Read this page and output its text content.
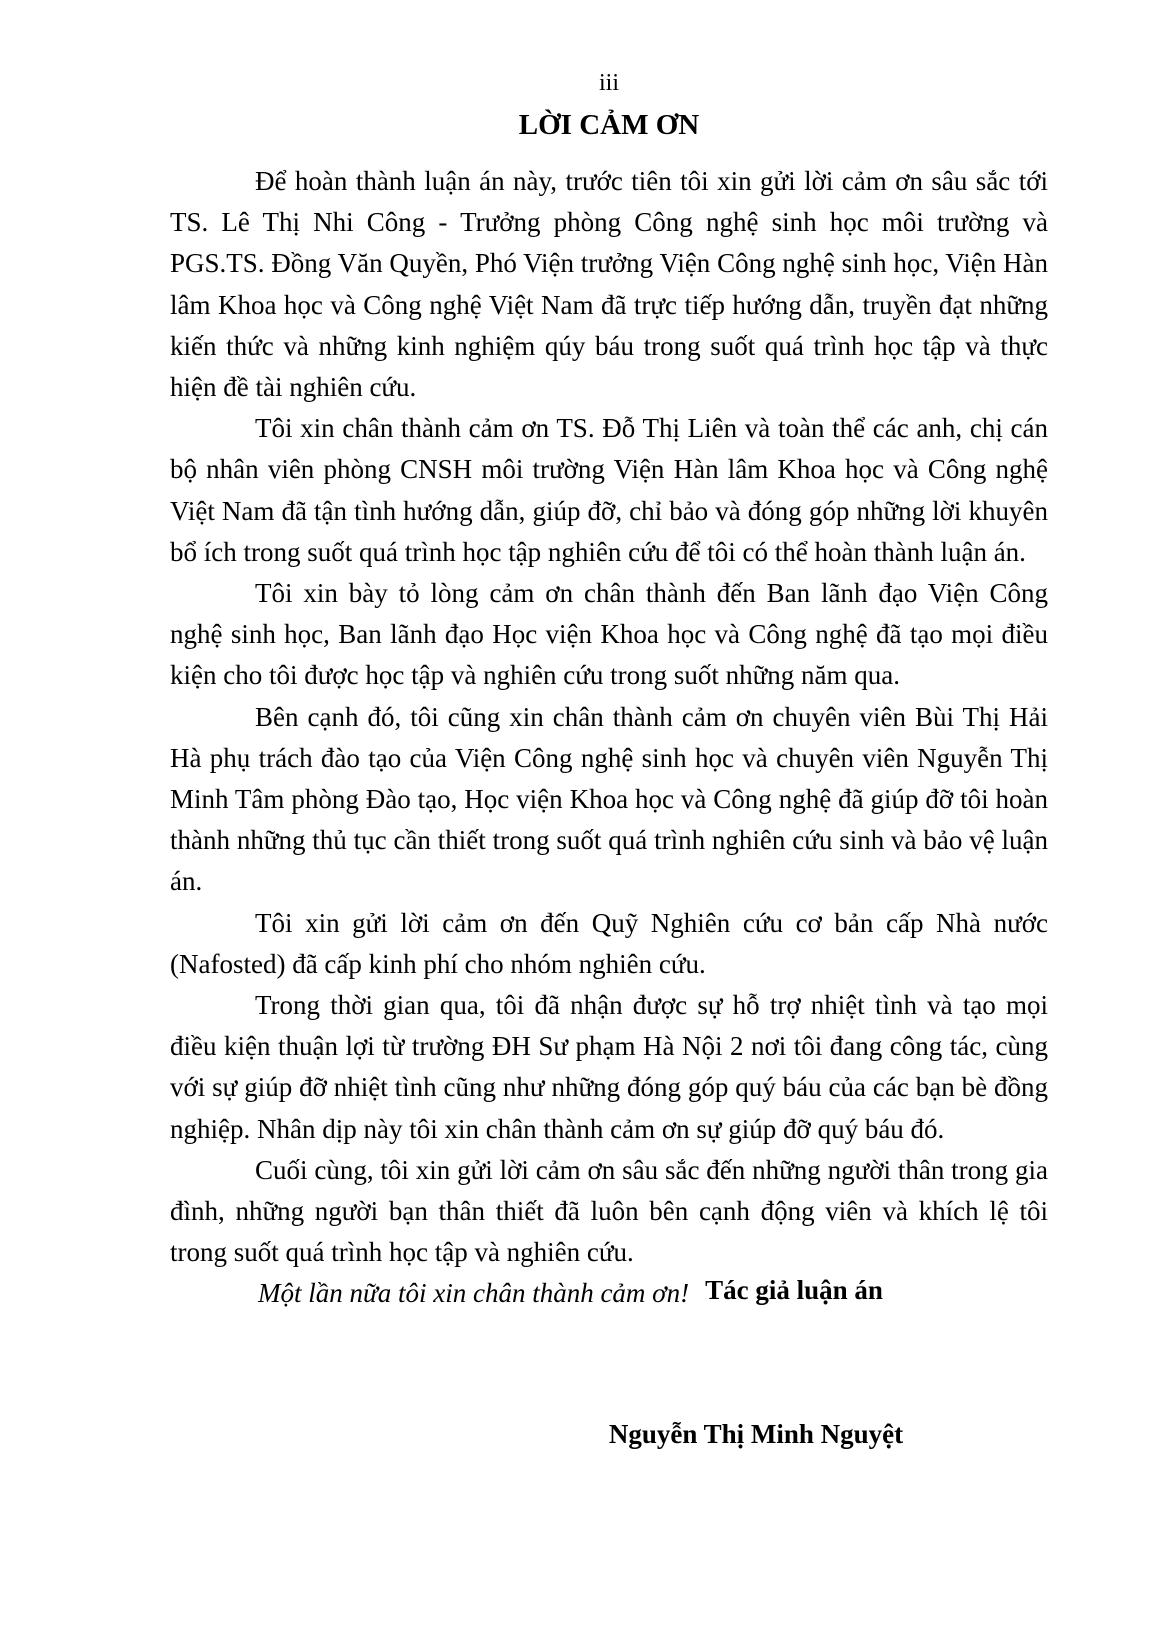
iii
LỜI CẢM ƠN

Để hoàn thành luận án này, trước tiên tôi xin gửi lời cảm ơn sâu sắc tới TS. Lê Thị Nhi Công - Trưởng phòng Công nghệ sinh học môi trường và PGS.TS. Đồng Văn Quyền, Phó Viện trưởng Viện Công nghệ sinh học, Viện Hàn lâm Khoa học và Công nghệ Việt Nam đã trực tiếp hướng dẫn, truyền đạt những kiến thức và những kinh nghiệm qúy báu trong suốt quá trình học tập và thực hiện đề tài nghiên cứu.

Tôi xin chân thành cảm ơn TS. Đỗ Thị Liên và toàn thể các anh, chị cán bộ nhân viên phòng CNSH môi trường Viện Hàn lâm Khoa học và Công nghệ Việt Nam đã tận tình hướng dẫn, giúp đỡ, chỉ bảo và đóng góp những lời khuyên bổ ích trong suốt quá trình học tập nghiên cứu để tôi có thể hoàn thành luận án.

Tôi xin bày tỏ lòng cảm ơn chân thành đến Ban lãnh đạo Viện Công nghệ sinh học, Ban lãnh đạo Học viện Khoa học và Công nghệ đã tạo mọi điều kiện cho tôi được học tập và nghiên cứu trong suốt những năm qua.

Bên cạnh đó, tôi cũng xin chân thành cảm ơn chuyên viên Bùi Thị Hải Hà phụ trách đào tạo của Viện Công nghệ sinh học và chuyên viên Nguyễn Thị Minh Tâm phòng Đào tạo, Học viện Khoa học và Công nghệ đã giúp đỡ tôi hoàn thành những thủ tục cần thiết trong suốt quá trình nghiên cứu sinh và bảo vệ luận án.

Tôi xin gửi lời cảm ơn đến Quỹ Nghiên cứu cơ bản cấp Nhà nước (Nafosted) đã cấp kinh phí cho nhóm nghiên cứu.

Trong thời gian qua, tôi đã nhận được sự hỗ trợ nhiệt tình và tạo mọi điều kiện thuận lợi từ trường ĐH Sư phạm Hà Nội 2 nơi tôi đang công tác, cùng với sự giúp đỡ nhiệt tình cũng như những đóng góp quý báu của các bạn bè đồng nghiệp. Nhân dịp này tôi xin chân thành cảm ơn sự giúp đỡ quý báu đó.

Cuối cùng, tôi xin gửi lời cảm ơn sâu sắc đến những người thân trong gia đình, những người bạn thân thiết đã luôn bên cạnh động viên và khích lệ tôi trong suốt quá trình học tập và nghiên cứu.

Một lần nữa tôi xin chân thành cảm ơn! Tác giả luận án
Nguyễn Thị Minh Nguyệt
